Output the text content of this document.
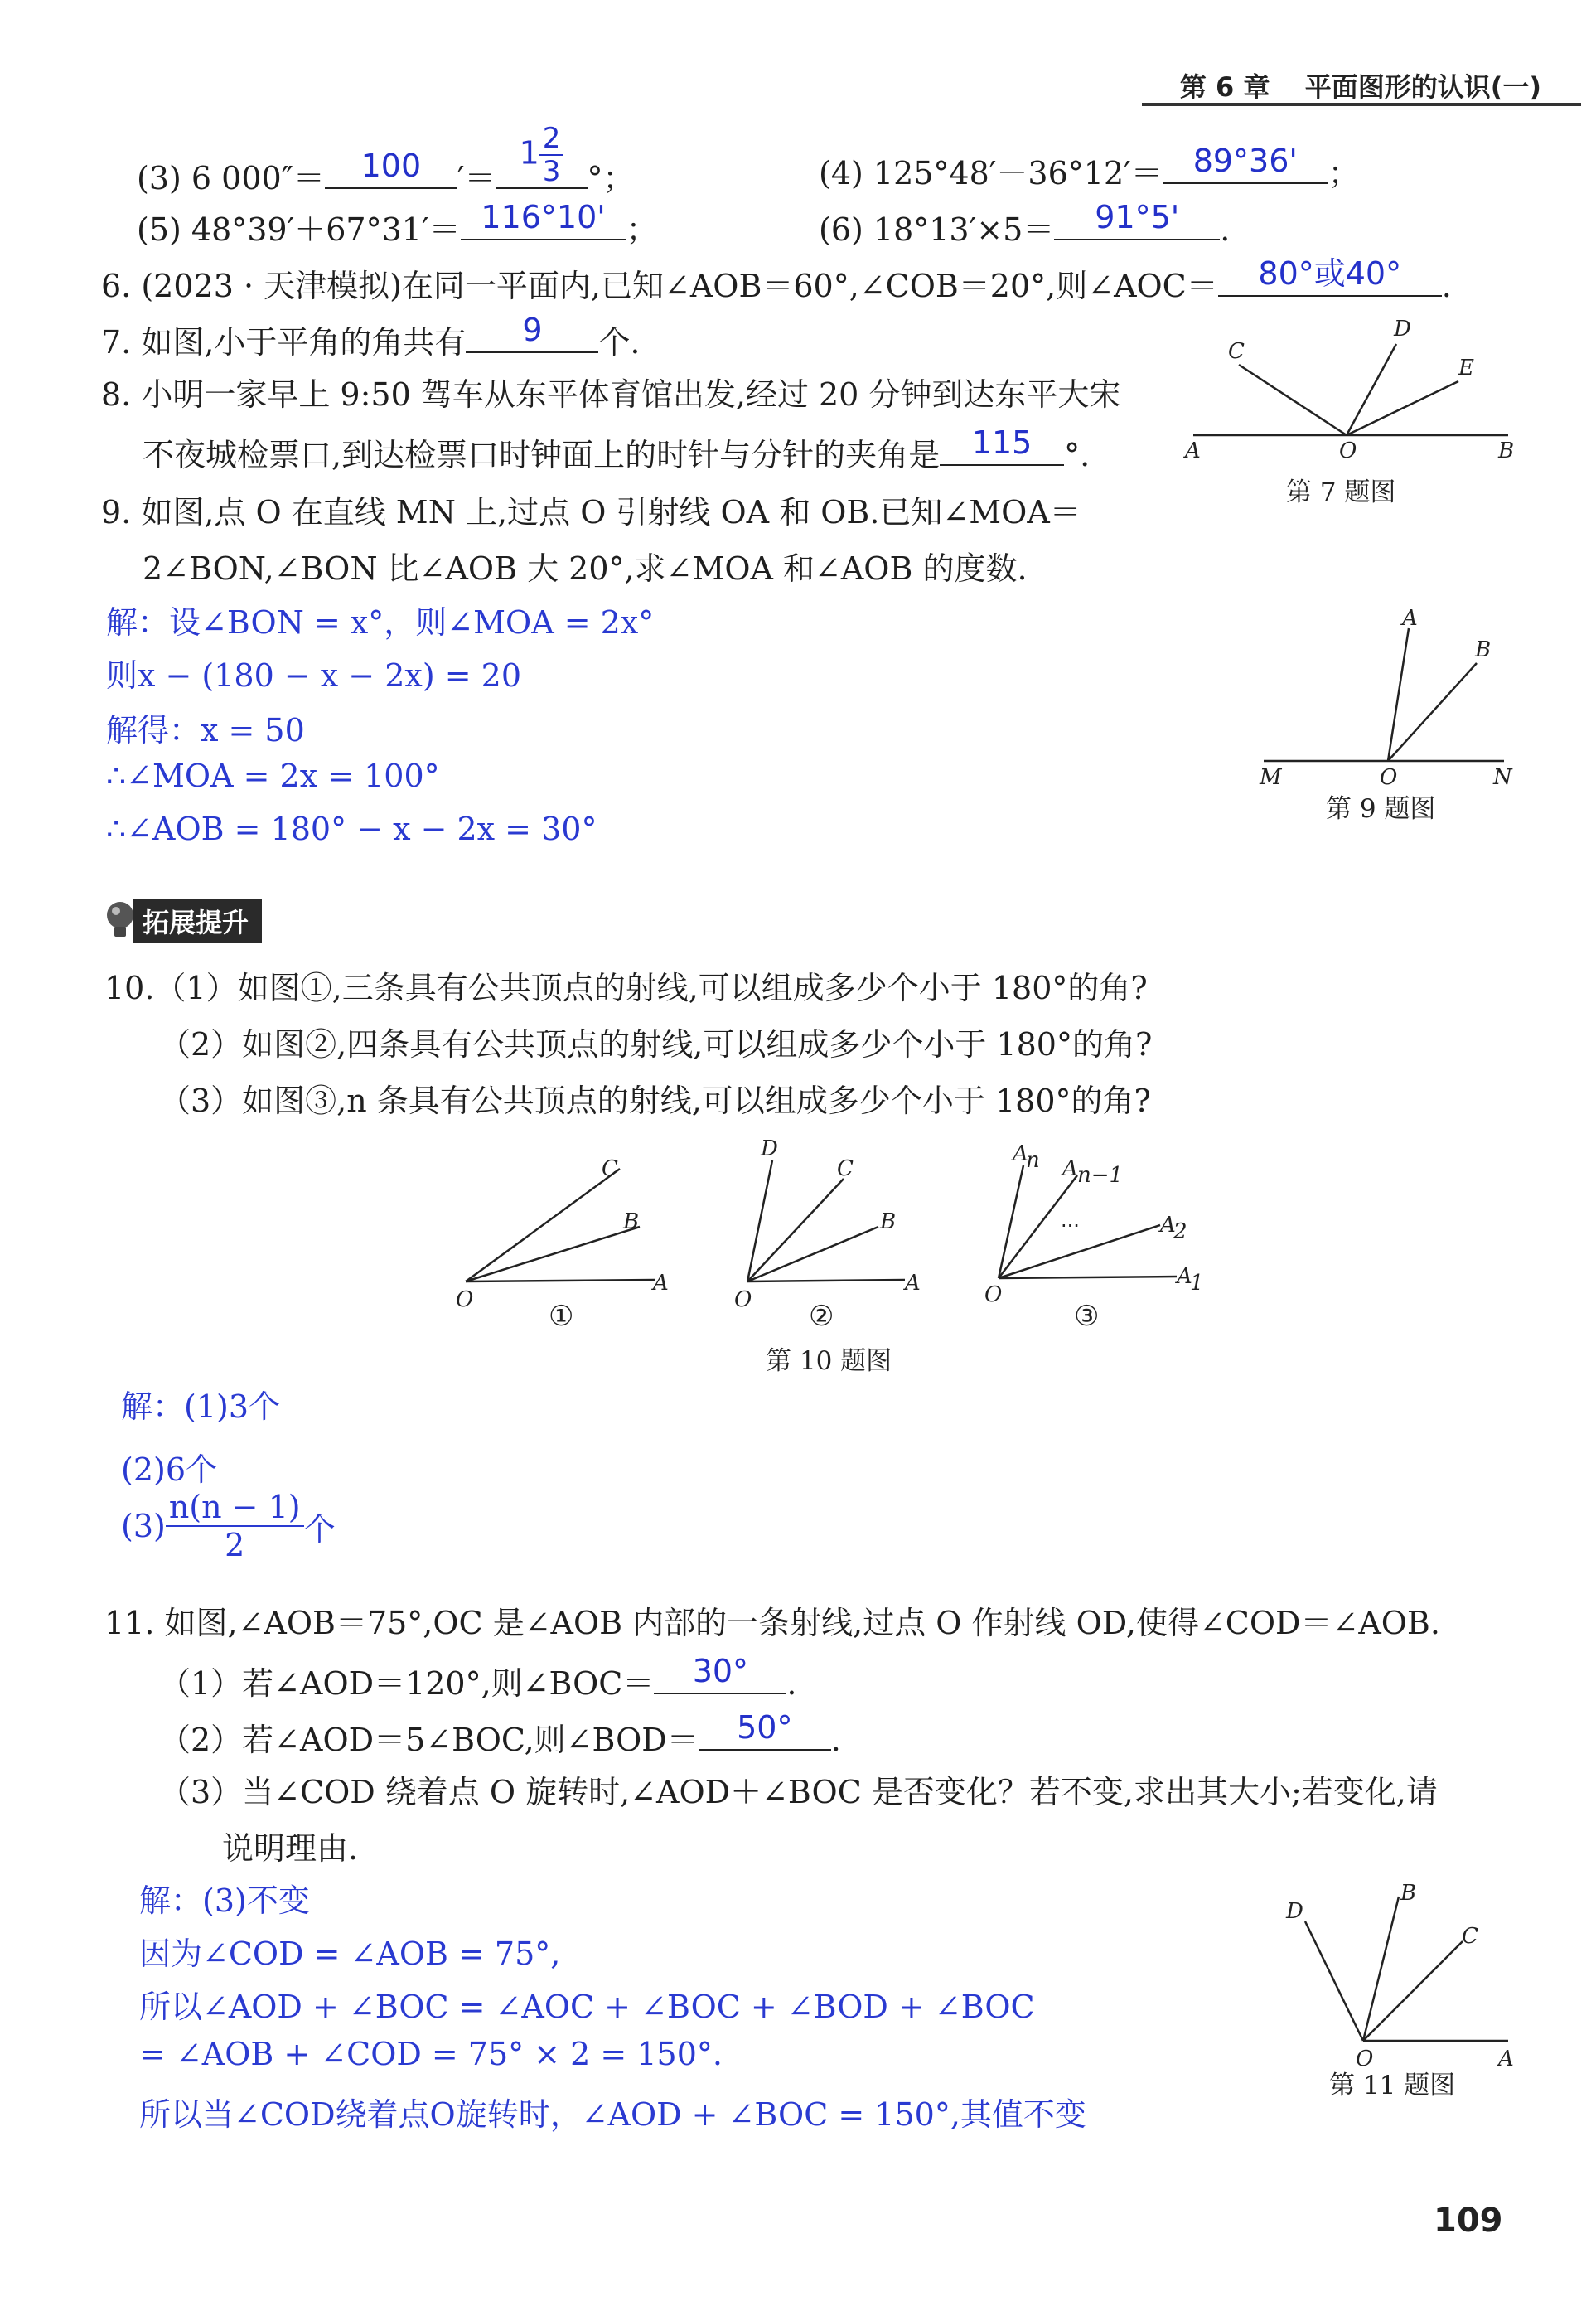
第 6 章 平面图形的认识(一)
(3) 6 000″＝	100	′＝
$1 \frac{2}{3}$ °；	(4) 125°48′－36°12′＝ 89°36' ；
(5) 48°39′＋67°31′＝ 116°10' ；	(6) 18°13′×5＝	91°5'	.
6. (2023 · 天津模拟)在同一平面内,已知∠AOB＝60°,∠COB＝20°,则∠AOC＝	80°或40°	.
7. 如图,小于平角的角共有	9	个.
8. 小明一家早上 9:50 驾车从东平体育馆出发,经过 20 分钟到达东平大宋
不夜城检票口,到达检票口时钟面上的时针与分针的夹角是	115	°.
9. 如图,点 O 在直线 MN 上,过点 O 引射线 OA 和 OB.已知∠MOA＝
2∠BON,∠BON 比∠AOB 大 20°,求∠MOA 和∠AOB 的度数.
解：设∠BON = x°，则∠MOA = 2x°
则x − (180 − x − 2x) = 20
解得：x = 50
∴∠MOA = 2x = 100°
∴∠AOB = 180° − x − 2x = 30°
C
D
E
A	O	B
第 7 题图
A
B
M	O	N
第 9 题图
拓展提升
10.（1）如图①,三条具有公共顶点的射线,可以组成多少个小于 180°的角?
（2）如图②,四条具有公共顶点的射线,可以组成多少个小于 180°的角?
（3）如图③,n 条具有公共顶点的射线,可以组成多少个小于 180°的角?
C
B
A
O
D
C
B
A
O
A
n A n−1
...	A
2
A
1
O
①	②	③
第 10 题图
解：(1)3个
(2)6个
$(3) \frac{n(n - 1)}{2}$ 个
11. 如图,∠AOB＝75°,OC 是∠AOB 内部的一条射线,过点 O 作射线 OD,使得∠COD＝∠AOB.
（1）若∠AOD＝120°,则∠BOC＝	30°	.
（2）若∠AOD＝5∠BOC,则∠BOD＝	50°	.
（3）当∠COD 绕着点 O 旋转时,∠AOD＋∠BOC 是否变化？若不变,求出其大小;若变化,请
说明理由.
解：(3)不变
因为∠COD = ∠AOB = 75°,
所以∠AOD + ∠BOC = ∠AOC + ∠BOC + ∠BOD + ∠BOC
= ∠AOB + ∠COD = 75° × 2 = 150°.
所以当∠COD绕着点O旋转时，∠AOD + ∠BOC = 150°,其值不变
D
B
C
O	A
第 11 题图
109
